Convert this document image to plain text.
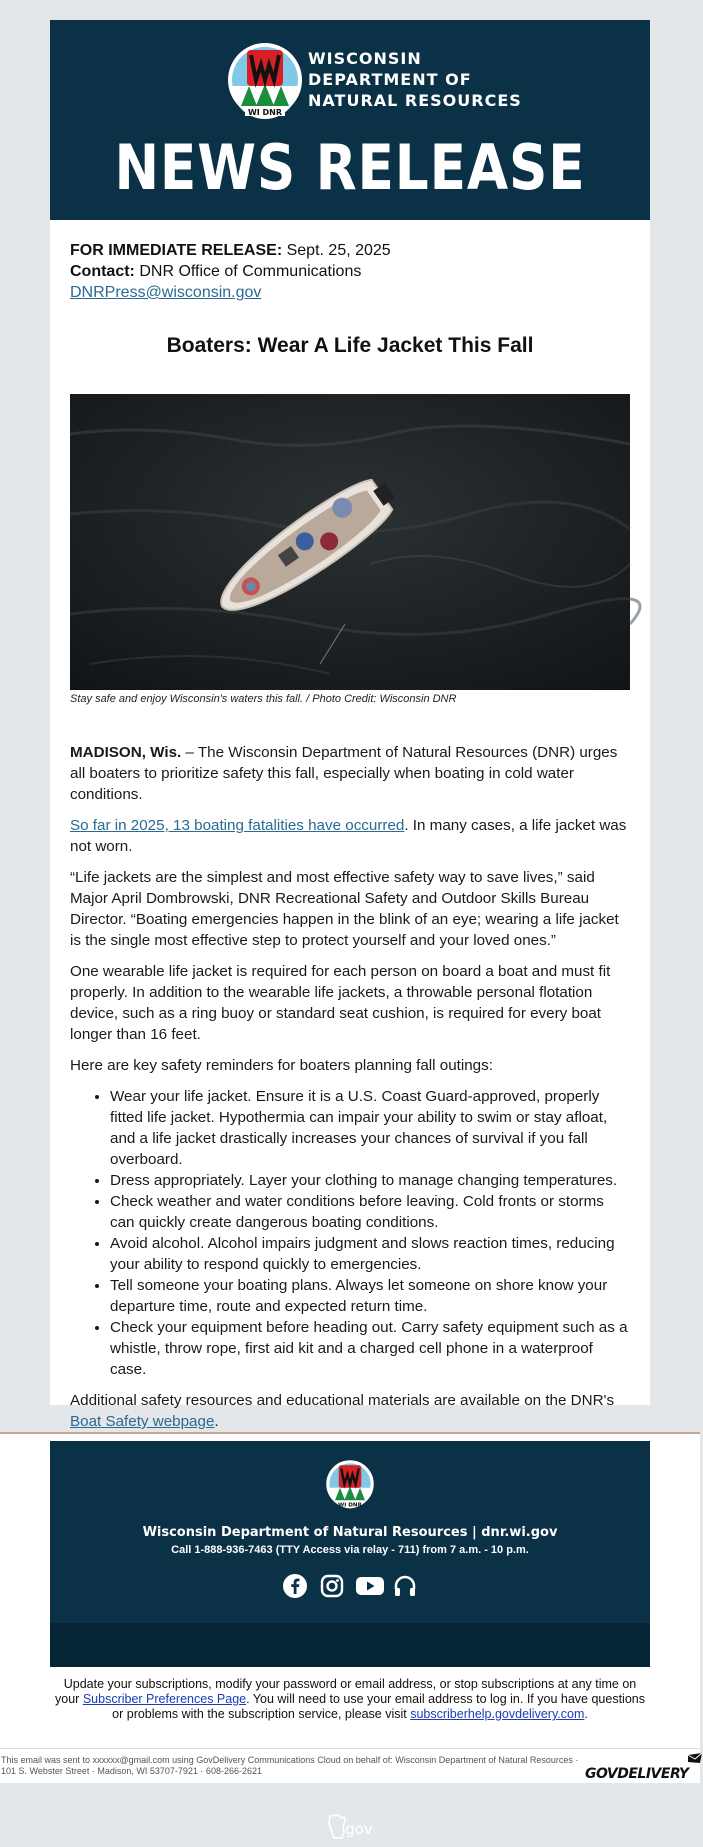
WI DNR
WISCONSIN
DEPARTMENT OF
NATURAL RESOURCES
NEWS RELEASE
FOR IMMEDIATE RELEASE: Sept. 25, 2025
Contact: DNR Office of Communications
DNRPress@wisconsin.gov
Boaters: Wear A Life Jacket This Fall
Stay safe and enjoy Wisconsin's waters this fall. / Photo Credit: Wisconsin DNR

MADISON, Wis. – The Wisconsin Department of Natural Resources (DNR) urges all boaters to prioritize safety this fall, especially when boating in cold water conditions.

So far in 2025, 13 boating fatalities have occurred. In many cases, a life jacket was not worn.

“Life jackets are the simplest and most effective safety way to save lives,” said Major April Dombrowski, DNR Recreational Safety and Outdoor Skills Bureau Director. “Boating emergencies happen in the blink of an eye; wearing a life jacket is the single most effective step to protect yourself and your loved ones.”

One wearable life jacket is required for each person on board a boat and must fit properly. In addition to the wearable life jackets, a throwable personal flotation device, such as a ring buoy or standard seat cushion, is required for every boat longer than 16 feet.

Here are key safety reminders for boaters planning fall outings:

• Wear your life jacket. Ensure it is a U.S. Coast Guard-approved, properly fitted life jacket. Hypothermia can impair your ability to swim or stay afloat, and a life jacket drastically increases your chances of survival if you fall overboard.
• Dress appropriately. Layer your clothing to manage changing temperatures.
• Check weather and water conditions before leaving. Cold fronts or storms can quickly create dangerous boating conditions.
• Avoid alcohol. Alcohol impairs judgment and slows reaction times, reducing your ability to respond quickly to emergencies.
• Tell someone your boating plans. Always let someone on shore know your departure time, route and expected return time.
• Check your equipment before heading out. Carry safety equipment such as a whistle, throw rope, first aid kit and a charged cell phone in a waterproof case.

Additional safety resources and educational materials are available on the DNR's Boat Safety webpage.

WI DNR
Wisconsin Department of Natural Resources | dnr.wi.gov
Call 1-888-936-7463 (TTY Access via relay - 711) from 7 a.m. - 10 p.m.

gov
Update your subscriptions, modify your password or email address, or stop subscriptions at any time on your Subscriber Preferences Page. You will need to use your email address to log in. If you have questions or problems with the subscription service, please visit subscriberhelp.govdelivery.com.
This email was sent to xxxxxx@gmail.com using GovDelivery Communications Cloud on behalf of: Wisconsin Department of Natural Resources · 101 S. Webster Street · Madison, WI 53707-7921 · 608-266-2621	GOVDELIVERY
